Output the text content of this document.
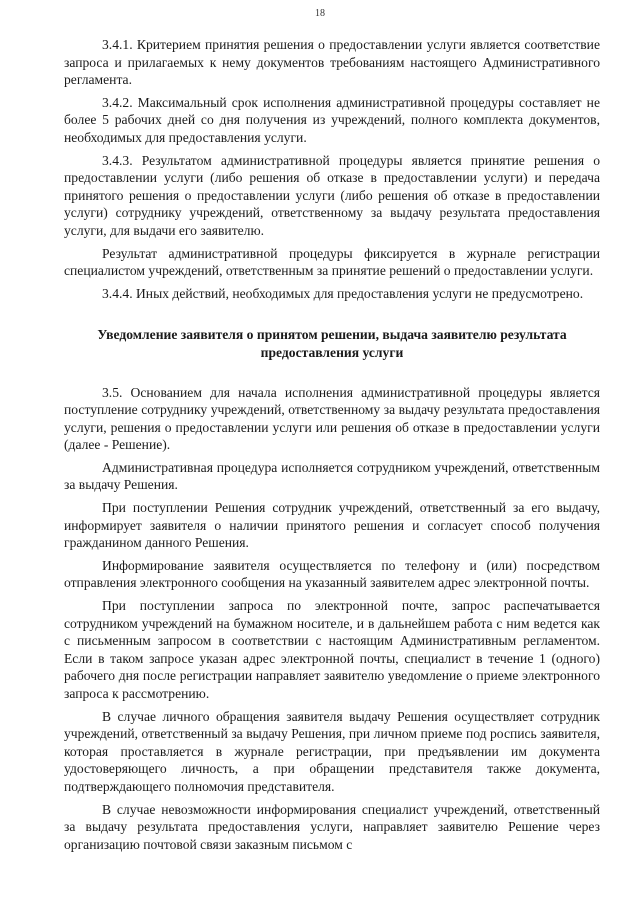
18

3.4.1. Критерием принятия решения о предоставлении услуги является соответствие запроса и прилагаемых к нему документов требованиям настоящего Административного регламента.

3.4.2. Максимальный срок исполнения административной процедуры составляет не более 5 рабочих дней со дня получения из учреждений, полного комплекта документов, необходимых для предоставления услуги.

3.4.3. Результатом административной процедуры является принятие решения о предоставлении услуги (либо решения об отказе в предоставлении услуги) и передача принятого решения о предоставлении услуги (либо решения об отказе в предоставлении услуги) сотруднику учреждений, ответственному за выдачу результата предоставления услуги, для выдачи его заявителю.

Результат административной процедуры фиксируется в журнале регистрации специалистом учреждений, ответственным за принятие решений о предоставлении услуги.

3.4.4. Иных действий, необходимых для предоставления услуги не предусмотрено.

Уведомление заявителя о принятом решении, выдача заявителю результата предоставления услуги

3.5. Основанием для начала исполнения административной процедуры является поступление сотруднику учреждений, ответственному за выдачу результата предоставления услуги, решения о предоставлении услуги или решения об отказе в предоставлении услуги (далее - Решение).

Административная процедура исполняется сотрудником учреждений, ответственным за выдачу Решения.

При поступлении Решения сотрудник учреждений, ответственный за его выдачу, информирует заявителя о наличии принятого решения и согласует способ получения гражданином данного Решения.

Информирование заявителя осуществляется по телефону и (или) посредством отправления электронного сообщения на указанный заявителем адрес электронной почты.

При поступлении запроса по электронной почте, запрос распечатывается сотрудником учреждений на бумажном носителе, и в дальнейшем работа с ним ведется как с письменным запросом в соответствии с настоящим Административным регламентом. Если в таком запросе указан адрес электронной почты, специалист в течение 1 (одного) рабочего дня после регистрации направляет заявителю уведомление о приеме электронного запроса к рассмотрению.

В случае личного обращения заявителя выдачу Решения осуществляет сотрудник учреждений, ответственный за выдачу Решения, при личном приеме под роспись заявителя, которая проставляется в журнале регистрации, при предъявлении им документа удостоверяющего личность, а при обращении представителя также документа, подтверждающего полномочия представителя.

В случае невозможности информирования специалист учреждений, ответственный за выдачу результата предоставления услуги, направляет заявителю Решение через организацию почтовой связи заказным письмом с
